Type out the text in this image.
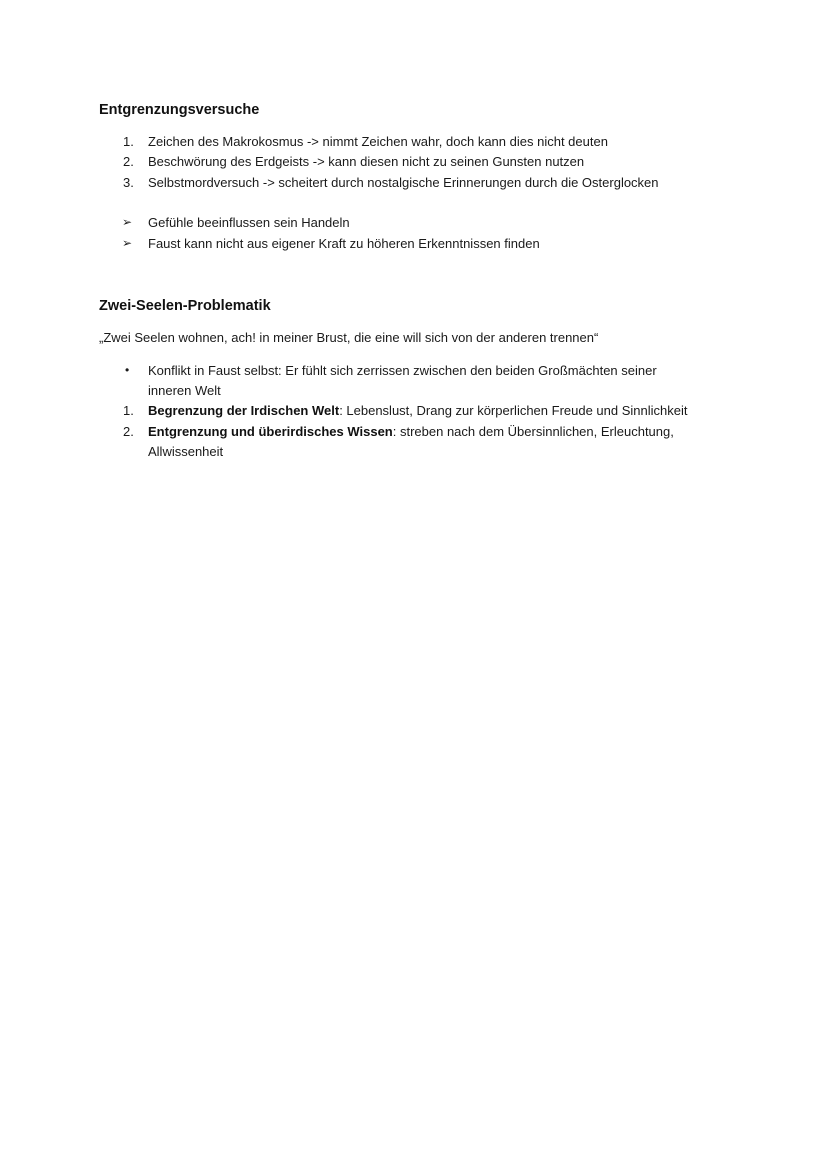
Entgrenzungsversuche
1. Zeichen des Makrokosmus -> nimmt Zeichen wahr, doch kann dies nicht deuten
2. Beschwörung des Erdgeists -> kann diesen nicht zu seinen Gunsten nutzen
3. Selbstmordversuch -> scheitert durch nostalgische Erinnerungen durch die Osterglocken
➢ Gefühle beeinflussen sein Handeln
➢ Faust kann nicht aus eigener Kraft zu höheren Erkenntnissen finden
Zwei-Seelen-Problematik
„Zwei Seelen wohnen, ach! in meiner Brust, die eine will sich von der anderen trennen“
• Konflikt in Faust selbst: Er fühlt sich zerrissen zwischen den beiden Großmächten seiner
inneren Welt
1. Begrenzung der Irdischen Welt: Lebenslust, Drang zur körperlichen Freude und Sinnlichkeit
2. Entgrenzung und überirdisches Wissen: streben nach dem Übersinnlichen, Erleuchtung,
Allwissenheit
